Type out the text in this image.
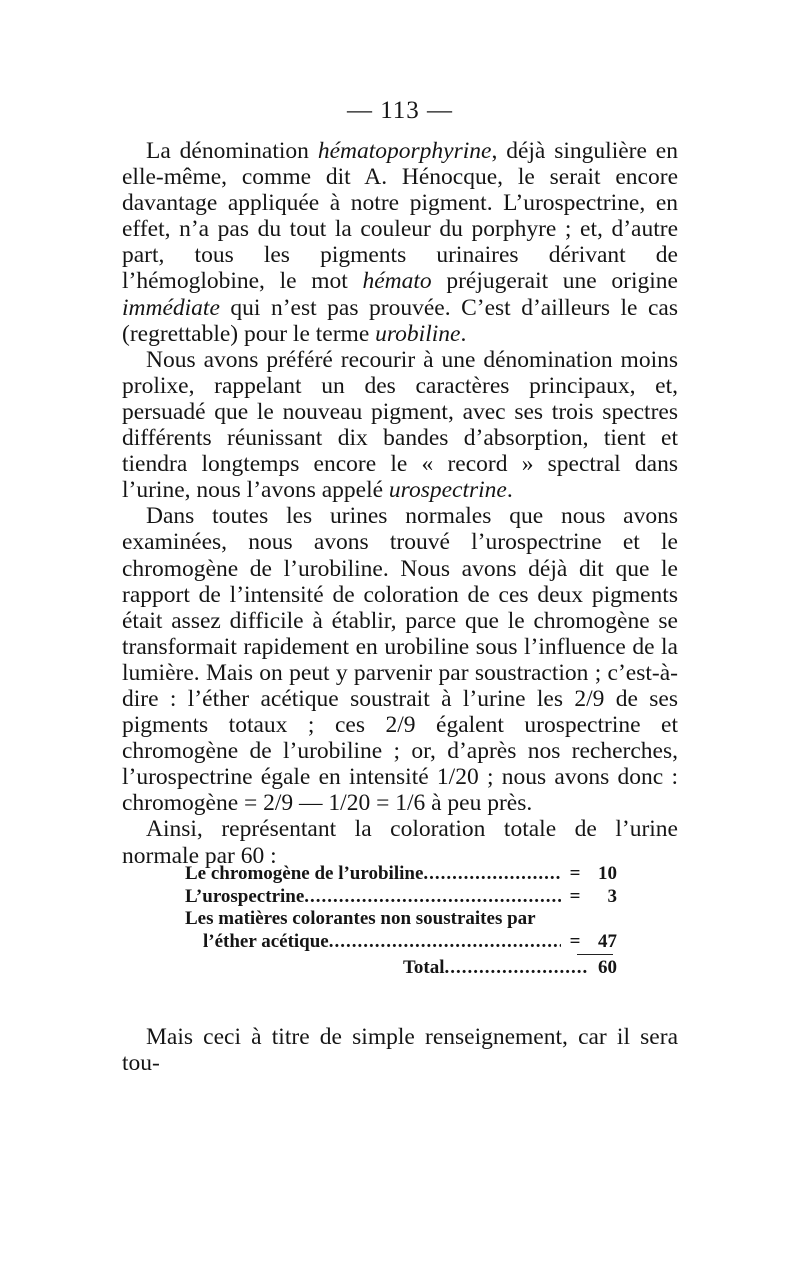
— 113 —

La dénomination hématoporphyrine, déjà singulière en elle-même, comme dit A. Hénocque, le serait encore davantage appliquée à notre pigment. L’urospectrine, en effet, n’a pas du tout la couleur du porphyre ; et, d’autre part, tous les pigments urinaires dérivant de l’hémoglobine, le mot hémato préjugerait une origine immédiate qui n’est pas prouvée. C’est d’ailleurs le cas (regrettable) pour le terme urobiline.

Nous avons préféré recourir à une dénomination moins prolixe, rappelant un des caractères principaux, et, persuadé que le nouveau pigment, avec ses trois spectres différents réunissant dix bandes d’absorption, tient et tiendra longtemps encore le « record » spectral dans l’urine, nous l’avons appelé urospectrine.

Dans toutes les urines normales que nous avons examinées, nous avons trouvé l’urospectrine et le chromogène de l’urobiline. Nous avons déjà dit que le rapport de l’intensité de coloration de ces deux pigments était assez difficile à établir, parce que le chromogène se transformait rapidement en urobiline sous l’influence de la lumière. Mais on peut y parvenir par soustraction ; c’est-à-dire : l’éther acétique soustrait à l’urine les 2/9 de ses pigments totaux ; ces 2/9 égalent urospectrine et chromogène de l’urobiline ; or, d’après nos recherches, l’urospectrine égale en intensité 1/20 ; nous avons donc : chromogène = 2/9 — 1/20 = 1/6 à peu près.

Ainsi, représentant la coloration totale de l’urine normale par 60 :

Le chromogène de l’urobiline .....	= 10
L’urospectrine .....	=	3
Les matières colorantes non soustraites par
l’éther acétique .....	= 47
Total .....	60

Mais ceci à titre de simple renseignement, car il sera tou-
